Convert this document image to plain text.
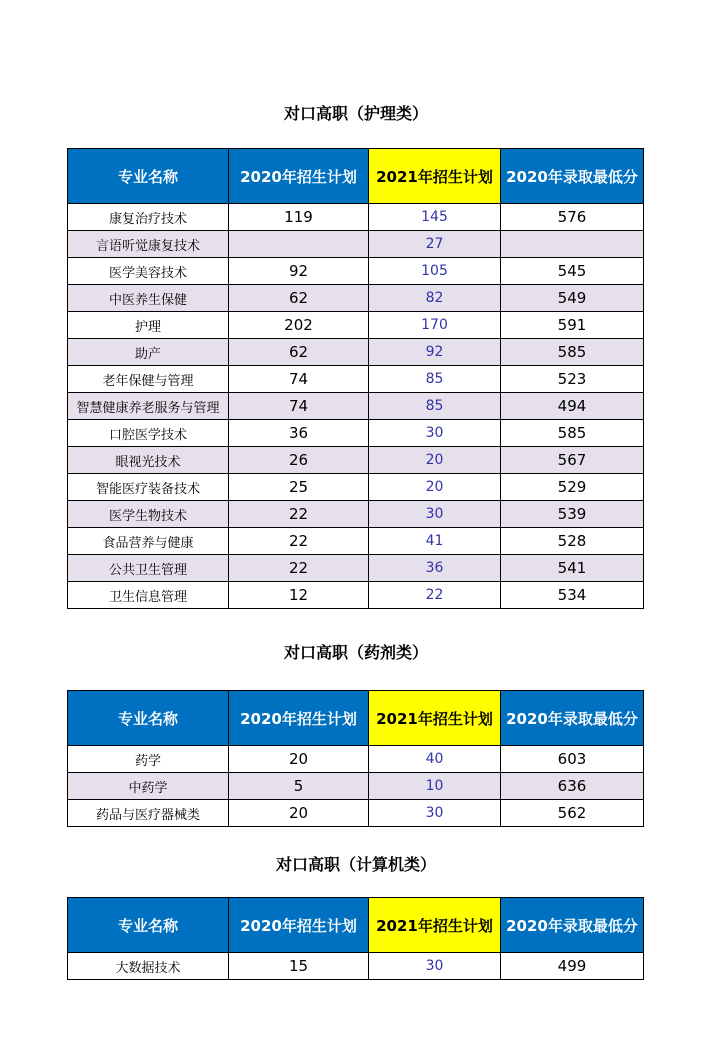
对口高职（护理类）
专业名称	2020年招生计划	2021年招生计划	2020年录取最低分
康复治疗技术	119	145	576
言语听觉康复技术		27	
医学美容技术	92	105	545
中医养生保健	62	82	549
护理	202	170	591
助产	62	92	585
老年保健与管理	74	85	523
智慧健康养老服务与管理	74	85	494
口腔医学技术	36	30	585
眼视光技术	26	20	567
智能医疗装备技术	25	20	529
医学生物技术	22	30	539
食品营养与健康	22	41	528
公共卫生管理	22	36	541
卫生信息管理	12	22	534
对口高职（药剂类）
专业名称	2020年招生计划	2021年招生计划	2020年录取最低分
药学	20	40	603
中药学	5	10	636
药品与医疗器械类	20	30	562
对口高职（计算机类）
专业名称	2020年招生计划	2021年招生计划	2020年录取最低分
大数据技术	15	30	499
